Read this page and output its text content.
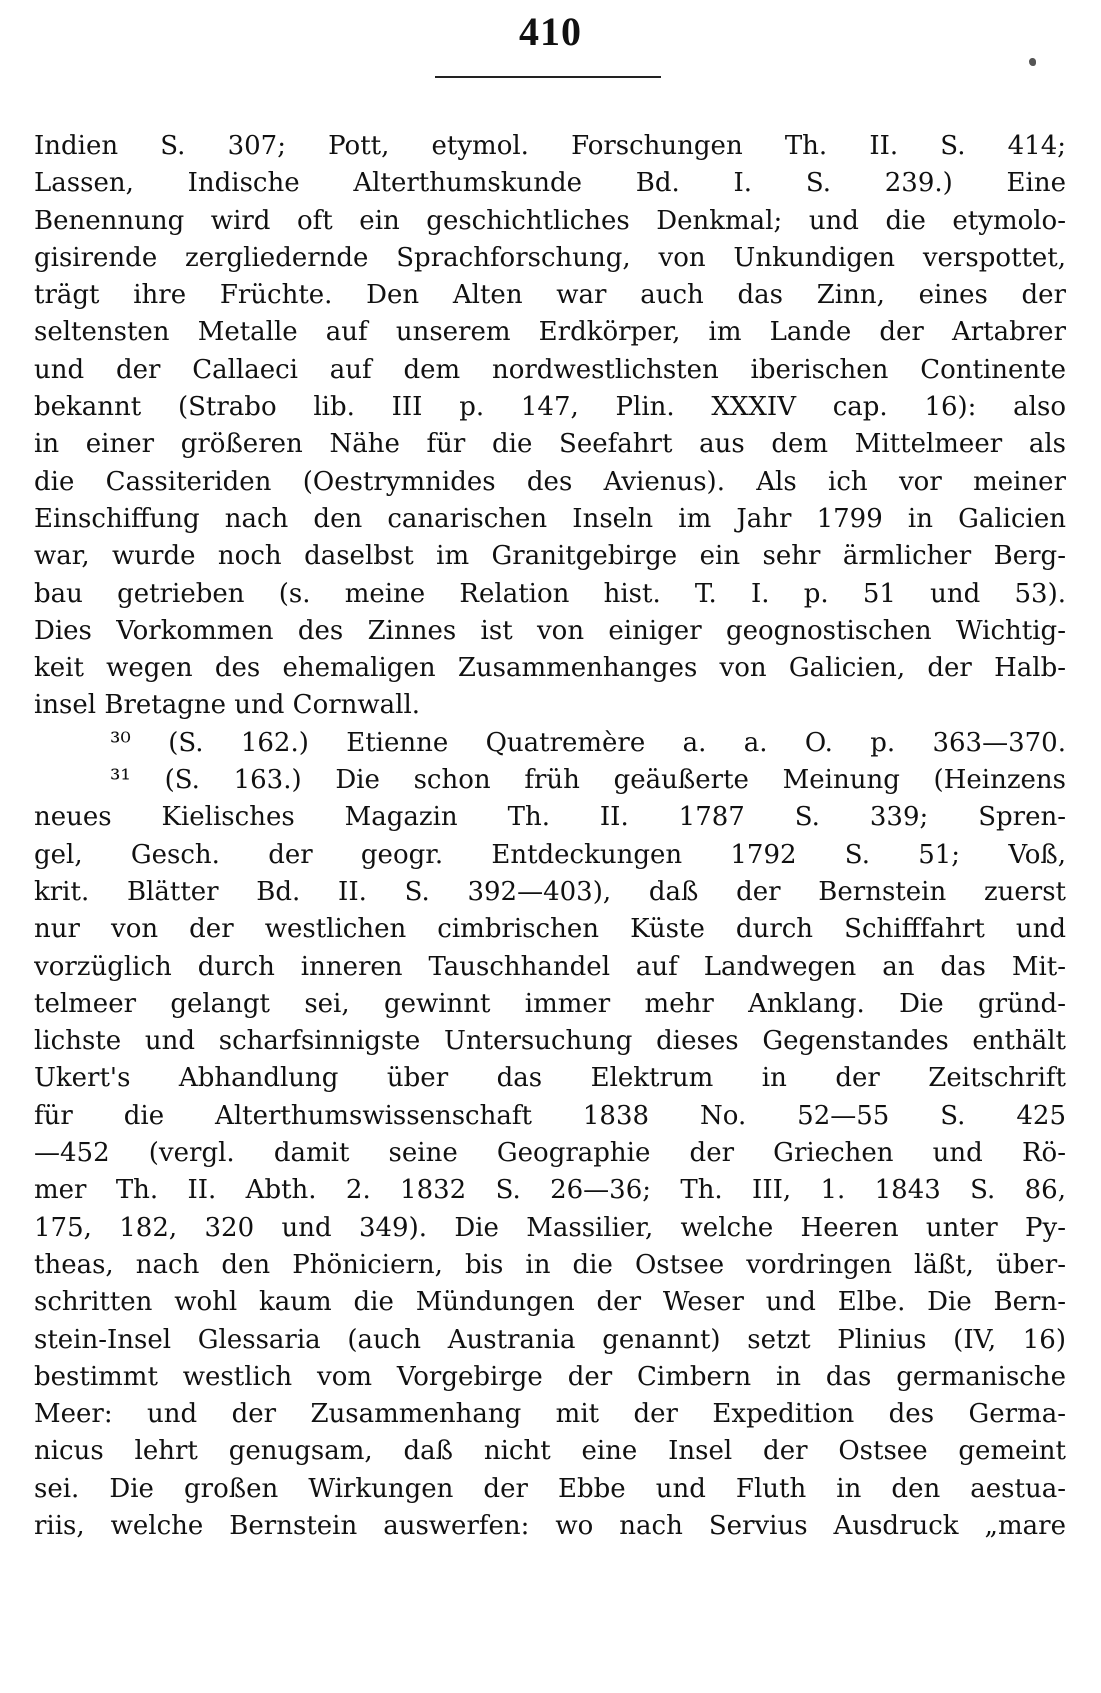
410
Indien S. 307; Pott, etymol. Forschungen Th. II. S. 414;
Lassen, Indische Alterthumskunde Bd. I. S. 239.) Eine
Benennung wird oft ein geschichtliches Denkmal; und die etymolo-
gisirende zergliedernde Sprachforschung, von Unkundigen verspottet,
trägt ihre Früchte. Den Alten war auch das Zinn, eines der
seltensten Metalle auf unserem Erdkörper, im Lande der Artabrer
und der Callaeci auf dem nordwestlichsten iberischen Continente
bekannt (Strabo lib. III p. 147, Plin. XXXIV cap. 16): also
in einer größeren Nähe für die Seefahrt aus dem Mittelmeer als
die Cassiteriden (Oestrymnides des Avienus). Als ich vor meiner
Einschiffung nach den canarischen Inseln im Jahr 1799 in Galicien
war, wurde noch daselbst im Granitgebirge ein sehr ärmlicher Berg-
bau getrieben (s. meine Relation hist. T. I. p. 51 und 53).
Dies Vorkommen des Zinnes ist von einiger geognostischen Wichtig-
keit wegen des ehemaligen Zusammenhanges von Galicien, der Halb-
insel Bretagne und Cornwall.
³⁰ (S. 162.) Etienne Quatremère a. a. O. p. 363—370.
³¹ (S. 163.) Die schon früh geäußerte Meinung (Heinzens
neues Kielisches Magazin Th. II. 1787 S. 339; Spren-
gel, Gesch. der geogr. Entdeckungen 1792 S. 51; Voß,
krit. Blätter Bd. II. S. 392—403), daß der Bernstein zuerst
nur von der westlichen cimbrischen Küste durch Schifffahrt und
vorzüglich durch inneren Tauschhandel auf Landwegen an das Mit-
telmeer gelangt sei, gewinnt immer mehr Anklang. Die gründ-
lichste und scharfsinnigste Untersuchung dieses Gegenstandes enthält
Ukert's Abhandlung über das Elektrum in der Zeitschrift
für die Alterthumswissenschaft 1838 No. 52—55 S. 425
—452 (vergl. damit seine Geographie der Griechen und Rö-
mer Th. II. Abth. 2. 1832 S. 26—36; Th. III, 1. 1843 S. 86,
175, 182, 320 und 349). Die Massilier, welche Heeren unter Py-
theas, nach den Phöniciern, bis in die Ostsee vordringen läßt, über-
schritten wohl kaum die Mündungen der Weser und Elbe. Die Bern-
stein-Insel Glessaria (auch Austrania genannt) setzt Plinius (IV, 16)
bestimmt westlich vom Vorgebirge der Cimbern in das germanische
Meer: und der Zusammenhang mit der Expedition des Germa-
nicus lehrt genugsam, daß nicht eine Insel der Ostsee gemeint
sei. Die großen Wirkungen der Ebbe und Fluth in den aestua-
riis, welche Bernstein auswerfen: wo nach Servius Ausdruck „mare
